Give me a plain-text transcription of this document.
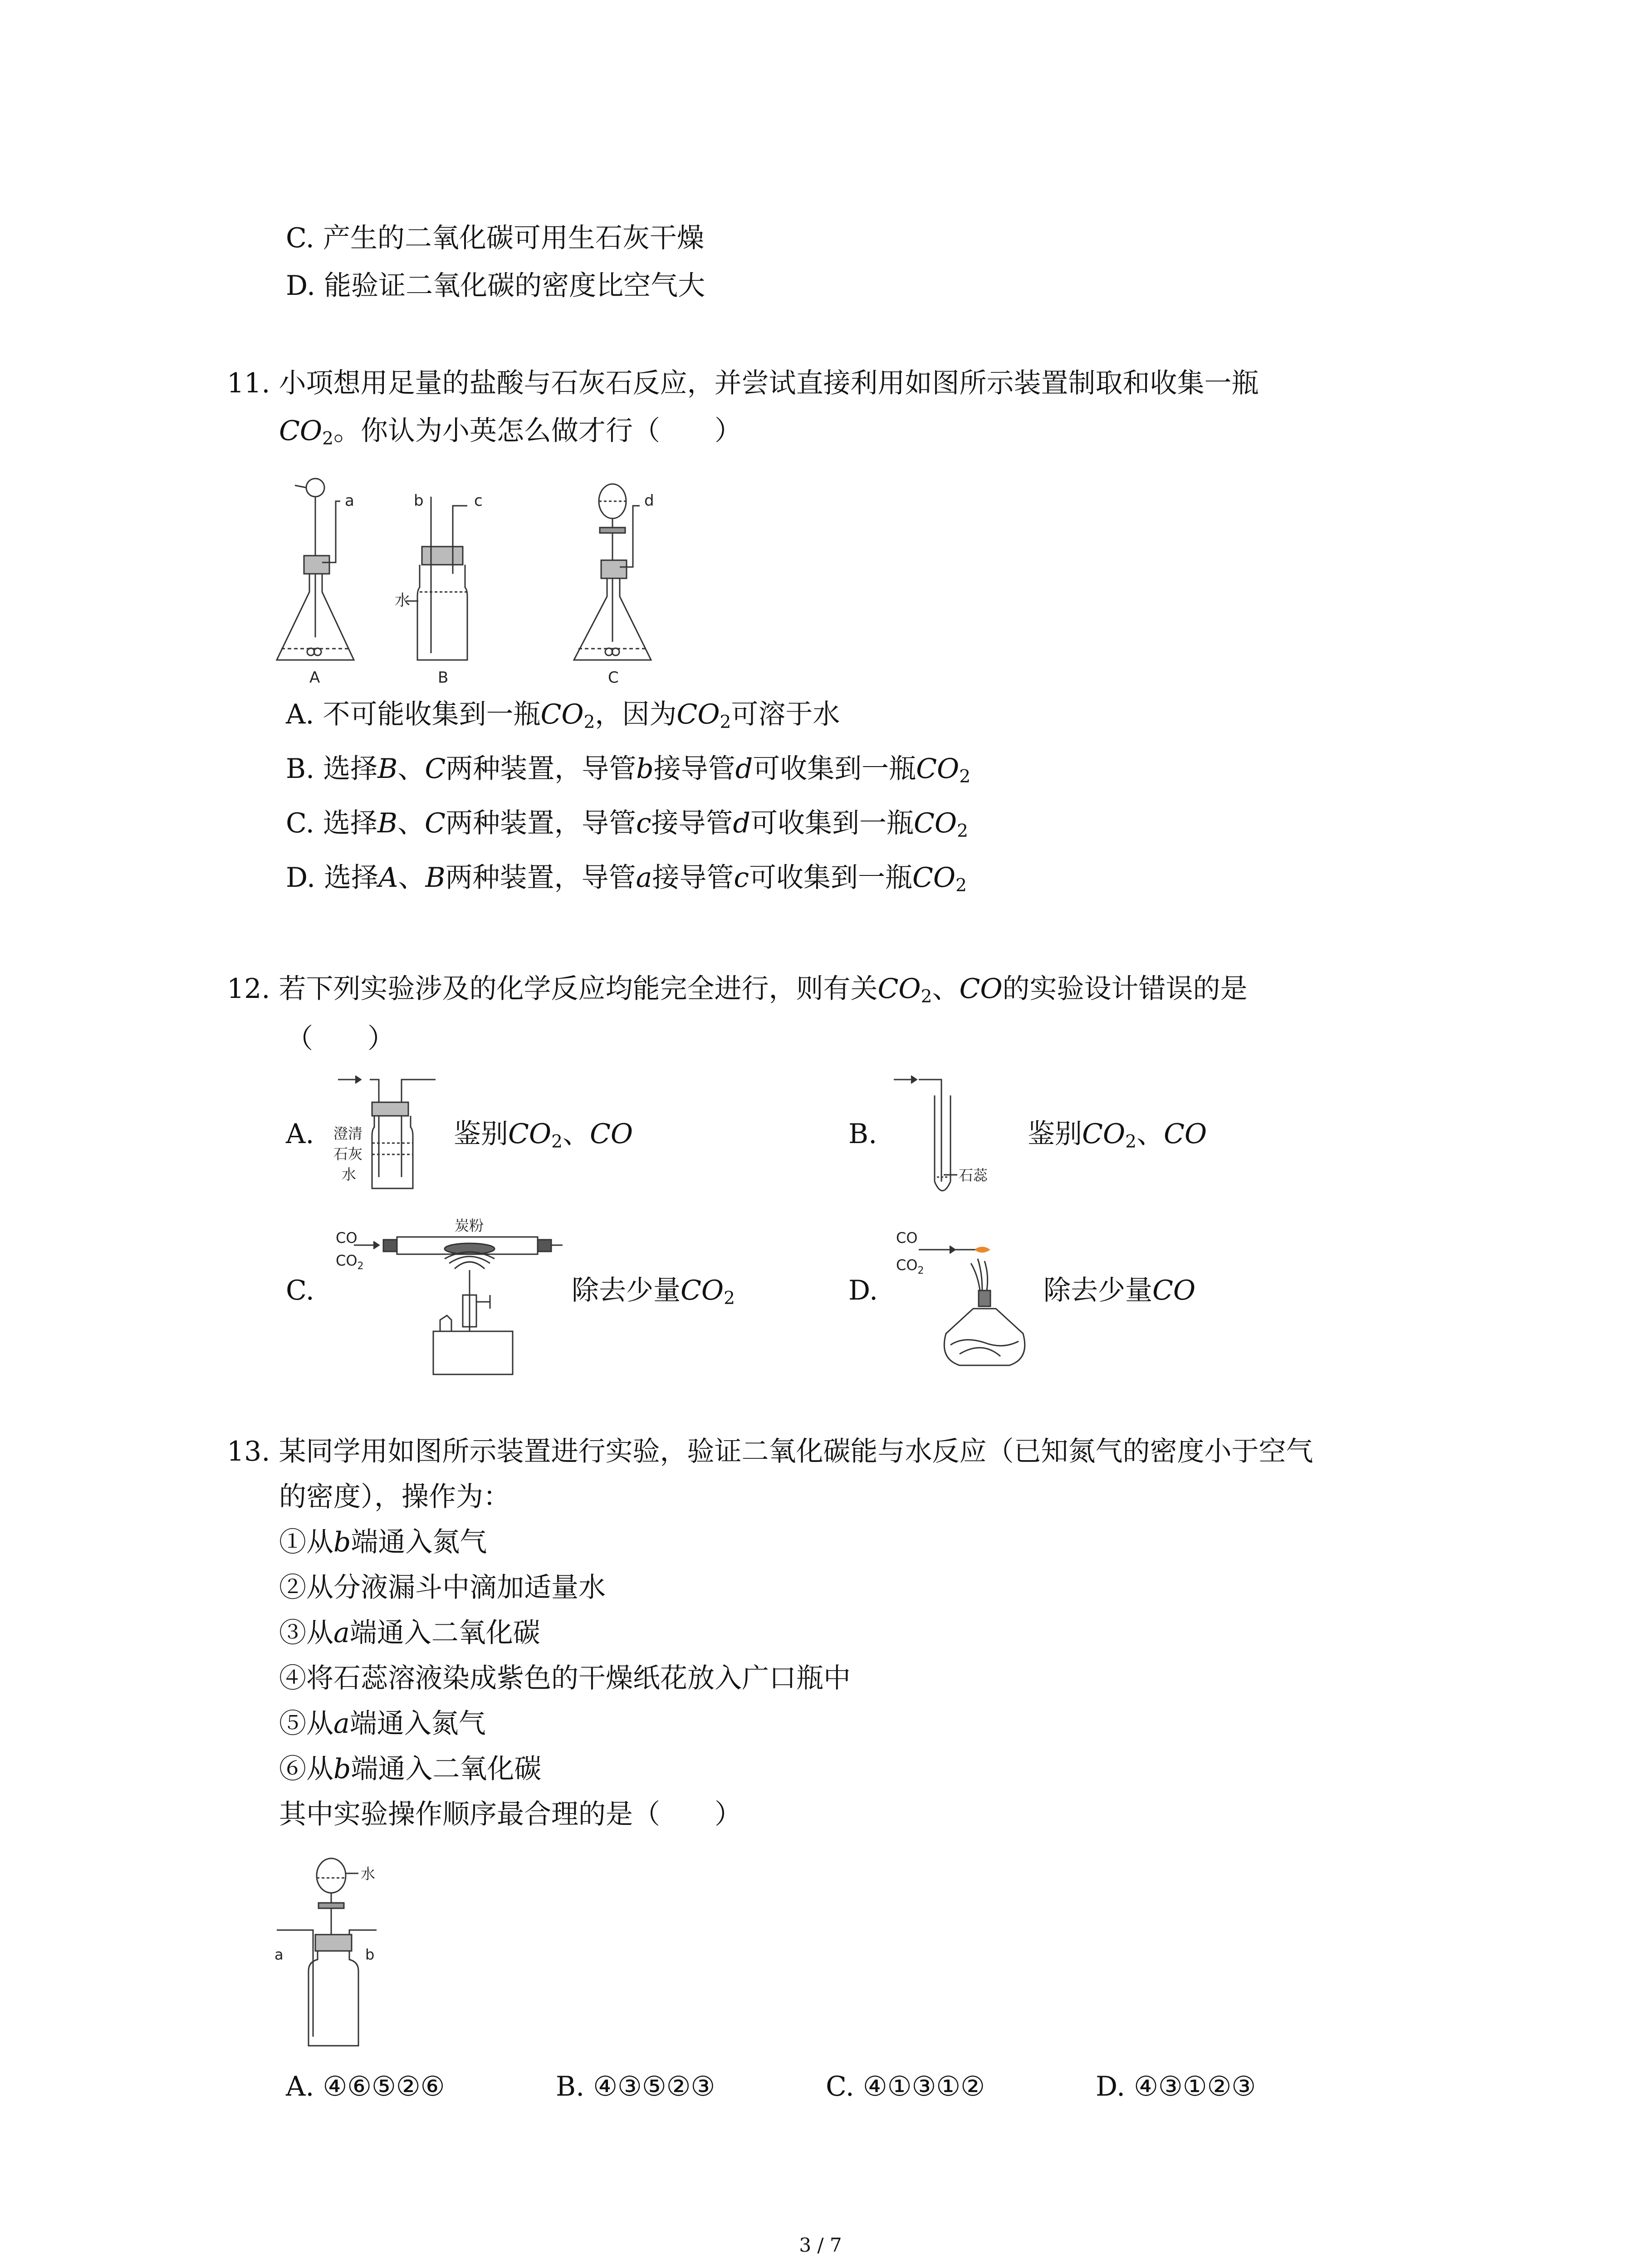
C. 产生的二氧化碳可用生石灰干燥
D. 能验证二氧化碳的密度比空气大
11. 小项想用足量的盐酸与石灰石反应，并尝试直接利用如图所示装置制取和收集一瓶
$CO_2$。你认为小英怎么做才行（　　）
a	b	c	d
水
A	B	C
A. 不可能收集到一瓶$CO_2$，因为$CO_2$可溶于水
B. 选择B、C两种装置，导管b接导管d可收集到一瓶$CO_2$
C. 选择B、C两种装置，导管c接导管d可收集到一瓶$CO_2$
D. 选择A、B两种装置，导管a接导管c可收集到一瓶$CO_2$
12. 若下列实验涉及的化学反应均能完全进行，则有关$CO_2$、CO的实验设计错误的是
（　　）
A. 澄清
石灰
水
鉴别$CO_2$、CO	B.
石蕊
鉴别$CO_2$、CO
C.
炭粉
CO
$CO_2$
除去少量$CO_2$	D.
CO
$CO_2$
除去少量CO
13. 某同学用如图所示装置进行实验，验证二氧化碳能与水反应（已知氮气的密度小于空气
的密度），操作为：
①从b端通入氮气
②从分液漏斗中滴加适量水
③从a端通入二氧化碳
④将石蕊溶液染成紫色的干燥纸花放入广口瓶中
⑤从a端通入氮气
⑥从b端通入二氧化碳
其中实验操作顺序最合理的是（　　）
水
a	b
A. ④⑥⑤②⑥	B. ④③⑤②③	C. ④①③①②	D. ④③①②③
3 / 7
